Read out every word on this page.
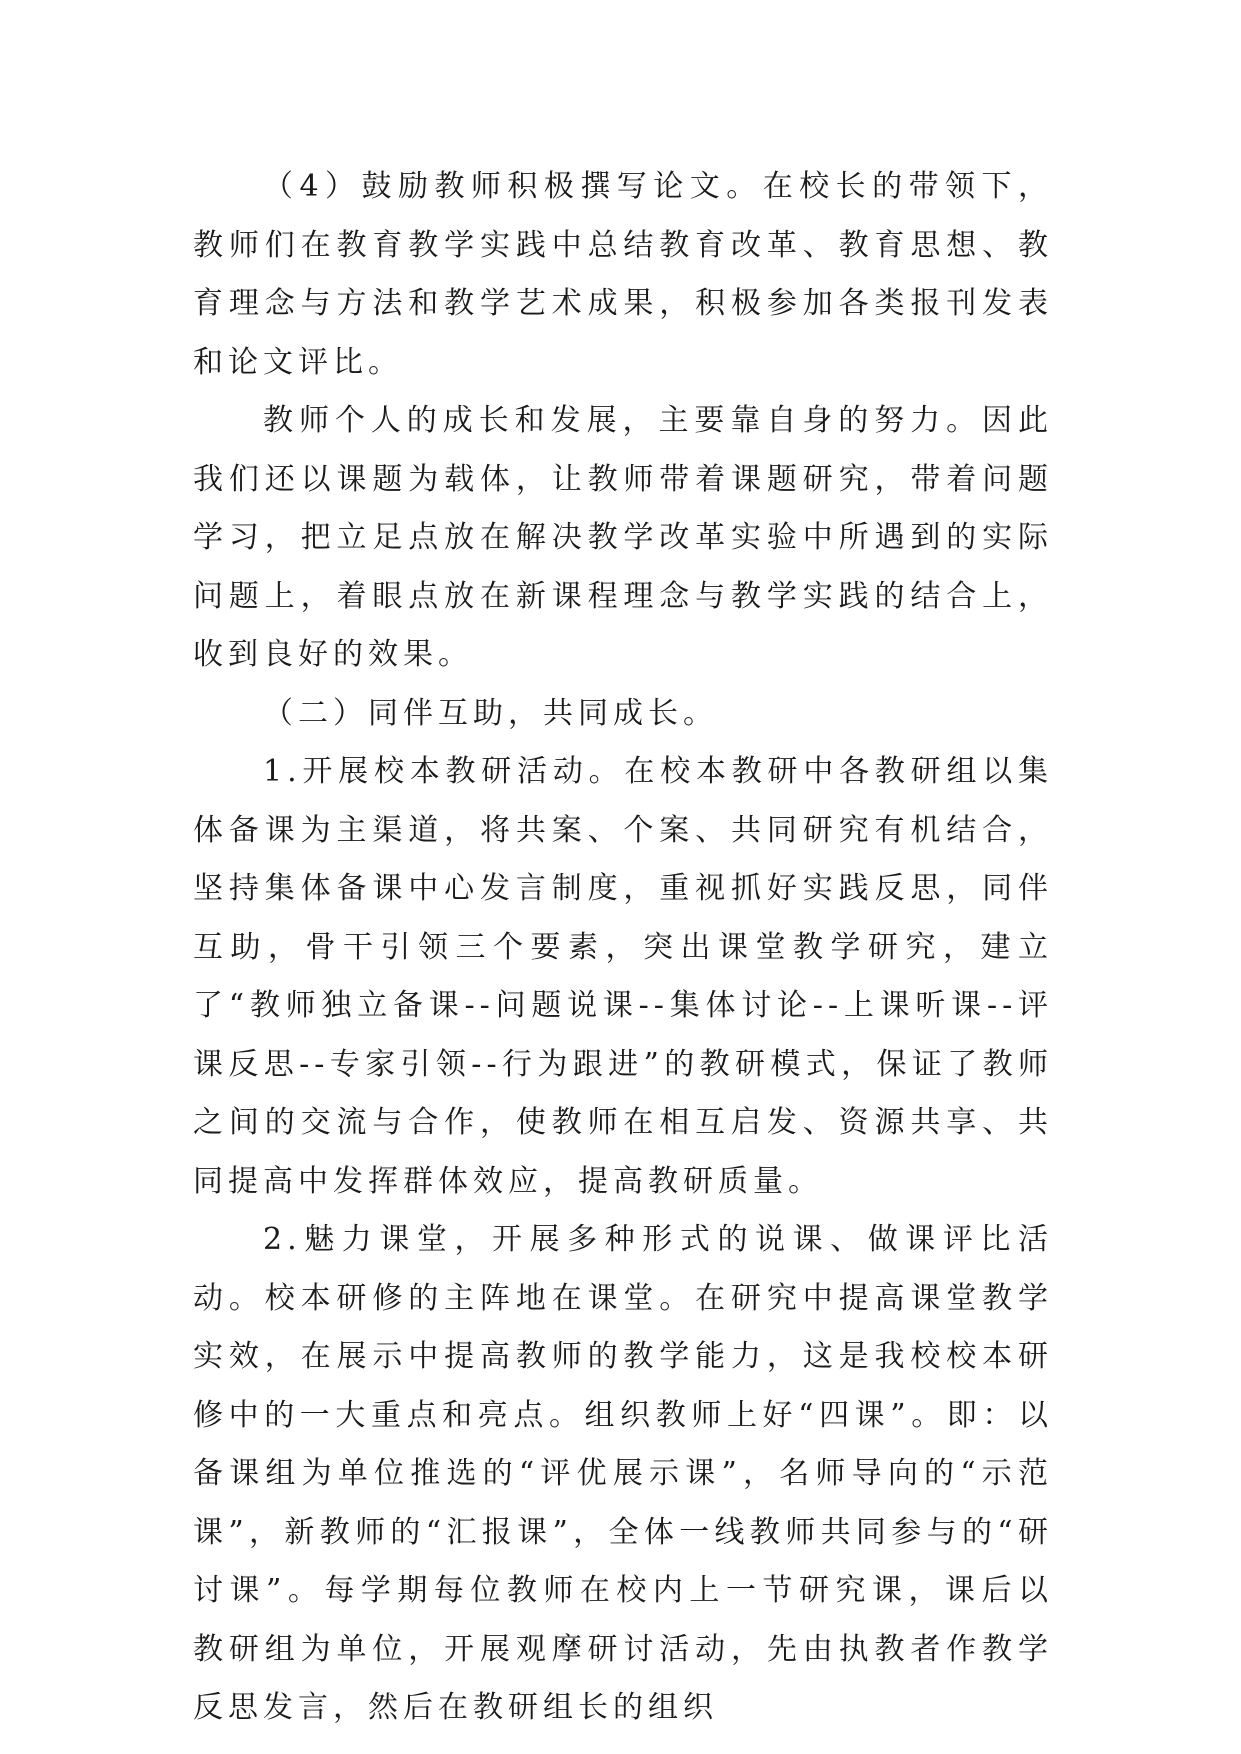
（4）鼓励教师积极撰写论文。在校长的带领下，教师们在教育教学实践中总结教育改革、教育思想、教育理念与方法和教学艺术成果，积极参加各类报刊发表和论文评比。

教师个人的成长和发展，主要靠自身的努力。因此我们还以课题为载体，让教师带着课题研究，带着问题学习，把立足点放在解决教学改革实验中所遇到的实际问题上，着眼点放在新课程理念与教学实践的结合上，收到良好的效果。

（二）同伴互助，共同成长。

1.开展校本教研活动。在校本教研中各教研组以集体备课为主渠道，将共案、个案、共同研究有机结合，坚持集体备课中心发言制度，重视抓好实践反思，同伴互助，骨干引领三个要素，突出课堂教学研究，建立了“教师独立备课--问题说课--集体讨论--上课听课--评课反思--专家引领--行为跟进”的教研模式，保证了教师之间的交流与合作，使教师在相互启发、资源共享、共同提高中发挥群体效应，提高教研质量。

2.魅力课堂，开展多种形式的说课、做课评比活动。校本研修的主阵地在课堂。在研究中提高课堂教学实效，在展示中提高教师的教学能力，这是我校校本研修中的一大重点和亮点。组织教师上好“四课”。即：以备课组为单位推选的“评优展示课”，名师导向的“示范课”，新教师的“汇报课”，全体一线教师共同参与的“研讨课”。每学期每位教师在校内上一节研究课，课后以教研组为单位，开展观摩研讨活动，先由执教者作教学反思发言，然后在教研组长的组织
